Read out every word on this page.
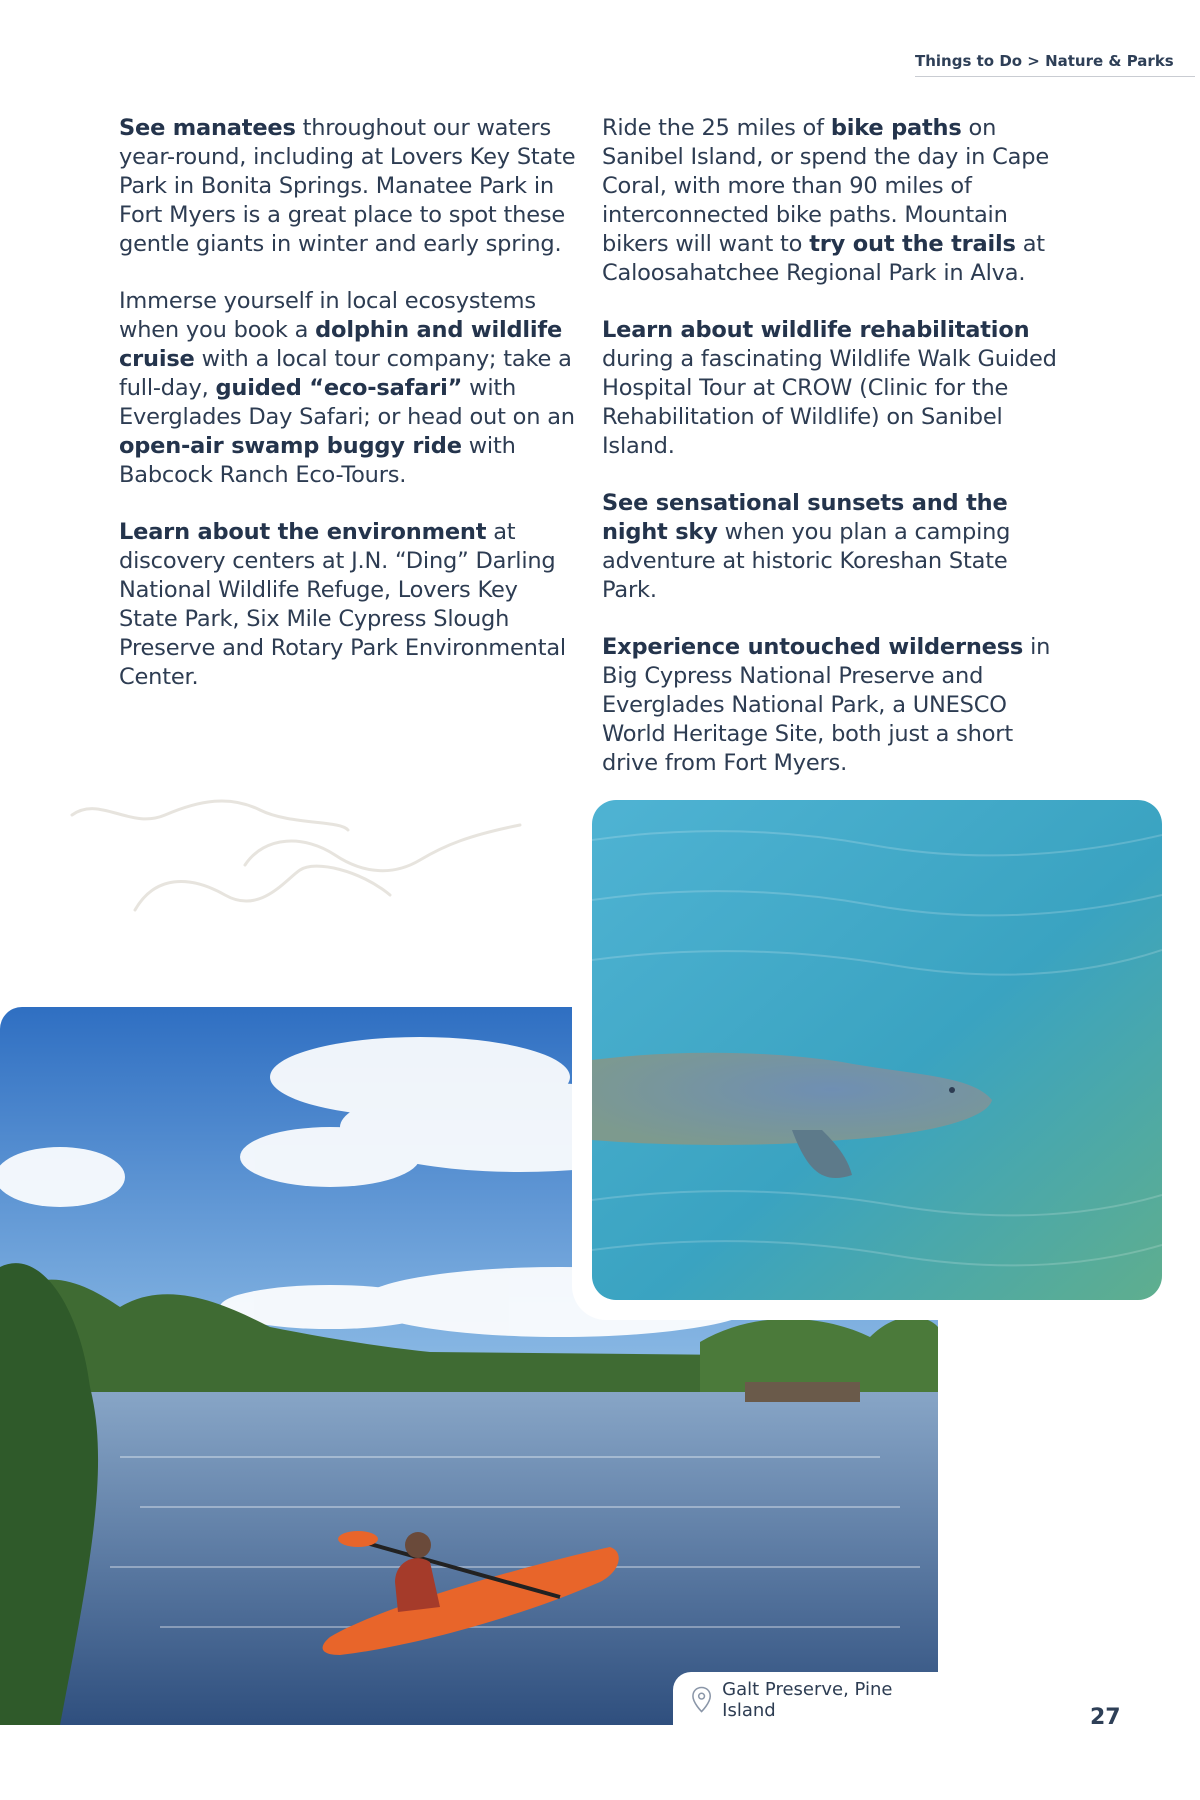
Things to Do > Nature & Parks

See manatees throughout our waters year-round, including at Lovers Key State Park in Bonita Springs. Manatee Park in Fort Myers is a great place to spot these gentle giants in winter and early spring.

Immerse yourself in local ecosystems when you book a dolphin and wildlife cruise with a local tour company; take a full-day, guided “eco-safari” with Everglades Day Safari; or head out on an open-air swamp buggy ride with Babcock Ranch Eco-Tours.

Learn about the environment at discovery centers at J.N. “Ding” Darling National Wildlife Refuge, Lovers Key State Park, Six Mile Cypress Slough Preserve and Rotary Park Environmental Center.

Ride the 25 miles of bike paths on Sanibel Island, or spend the day in Cape Coral, with more than 90 miles of interconnected bike paths. Mountain bikers will want to try out the trails at Caloosahatchee Regional Park in Alva.

Learn about wildlife rehabilitation during a fascinating Wildlife Walk Guided Hospital Tour at CROW (Clinic for the Rehabilitation of Wildlife) on Sanibel Island.

See sensational sunsets and the night sky when you plan a camping adventure at historic Koreshan State Park.

Experience untouched wilderness in Big Cypress National Preserve and Everglades National Park, a UNESCO World Heritage Site, both just a short drive from Fort Myers.

Galt Preserve, Pine Island	27
